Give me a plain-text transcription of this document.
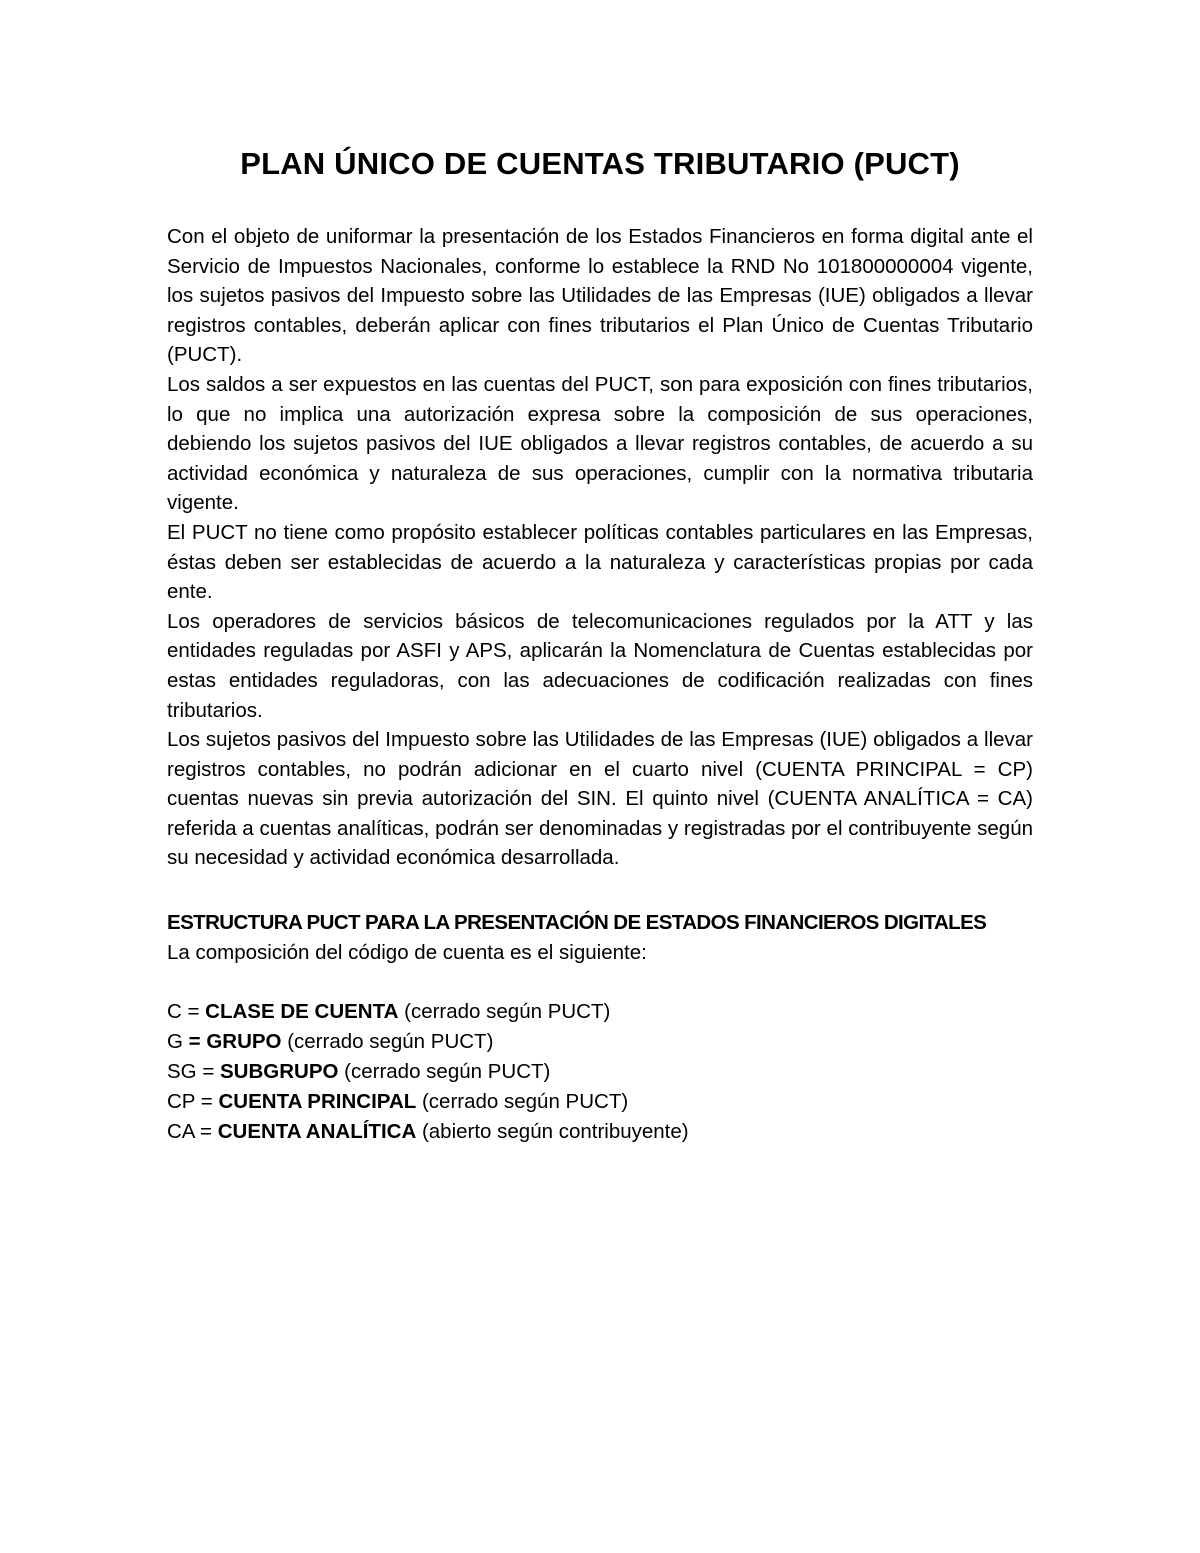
PLAN ÚNICO DE CUENTAS TRIBUTARIO (PUCT)

Con el objeto de uniformar la presentación de los Estados Financieros en forma digital ante el Servicio de Impuestos Nacionales, conforme lo establece la RND No 101800000004 vigente, los sujetos pasivos del Impuesto sobre las Utilidades de las Empresas (IUE) obligados a llevar registros contables, deberán aplicar con fines tributarios el Plan Único de Cuentas Tributario (PUCT).

Los saldos a ser expuestos en las cuentas del PUCT, son para exposición con fines tributarios, lo que no implica una autorización expresa sobre la composición de sus operaciones, debiendo los sujetos pasivos del IUE obligados a llevar registros contables, de acuerdo a su actividad económica y naturaleza de sus operaciones, cumplir con la normativa tributaria vigente.

El PUCT no tiene como propósito establecer políticas contables particulares en las Empresas, éstas deben ser establecidas de acuerdo a la naturaleza y características propias por cada ente.

Los operadores de servicios básicos de telecomunicaciones regulados por la ATT y las entidades reguladas por ASFI y APS, aplicarán la Nomenclatura de Cuentas establecidas por estas entidades reguladoras, con las adecuaciones de codificación realizadas con fines tributarios.

Los sujetos pasivos del Impuesto sobre las Utilidades de las Empresas (IUE) obligados a llevar registros contables, no podrán adicionar en el cuarto nivel (CUENTA PRINCIPAL = CP) cuentas nuevas sin previa autorización del SIN. El quinto nivel (CUENTA ANALÍTICA = CA) referida a cuentas analíticas, podrán ser denominadas y registradas por el contribuyente según su necesidad y actividad económica desarrollada.

ESTRUCTURA PUCT PARA LA PRESENTACIÓN DE ESTADOS FINANCIEROS DIGITALES
La composición del código de cuenta es el siguiente:
C = CLASE DE CUENTA (cerrado según PUCT)
G = GRUPO (cerrado según PUCT)
SG = SUBGRUPO (cerrado según PUCT)
CP = CUENTA PRINCIPAL (cerrado según PUCT)
CA = CUENTA ANALÍTICA (abierto según contribuyente)
